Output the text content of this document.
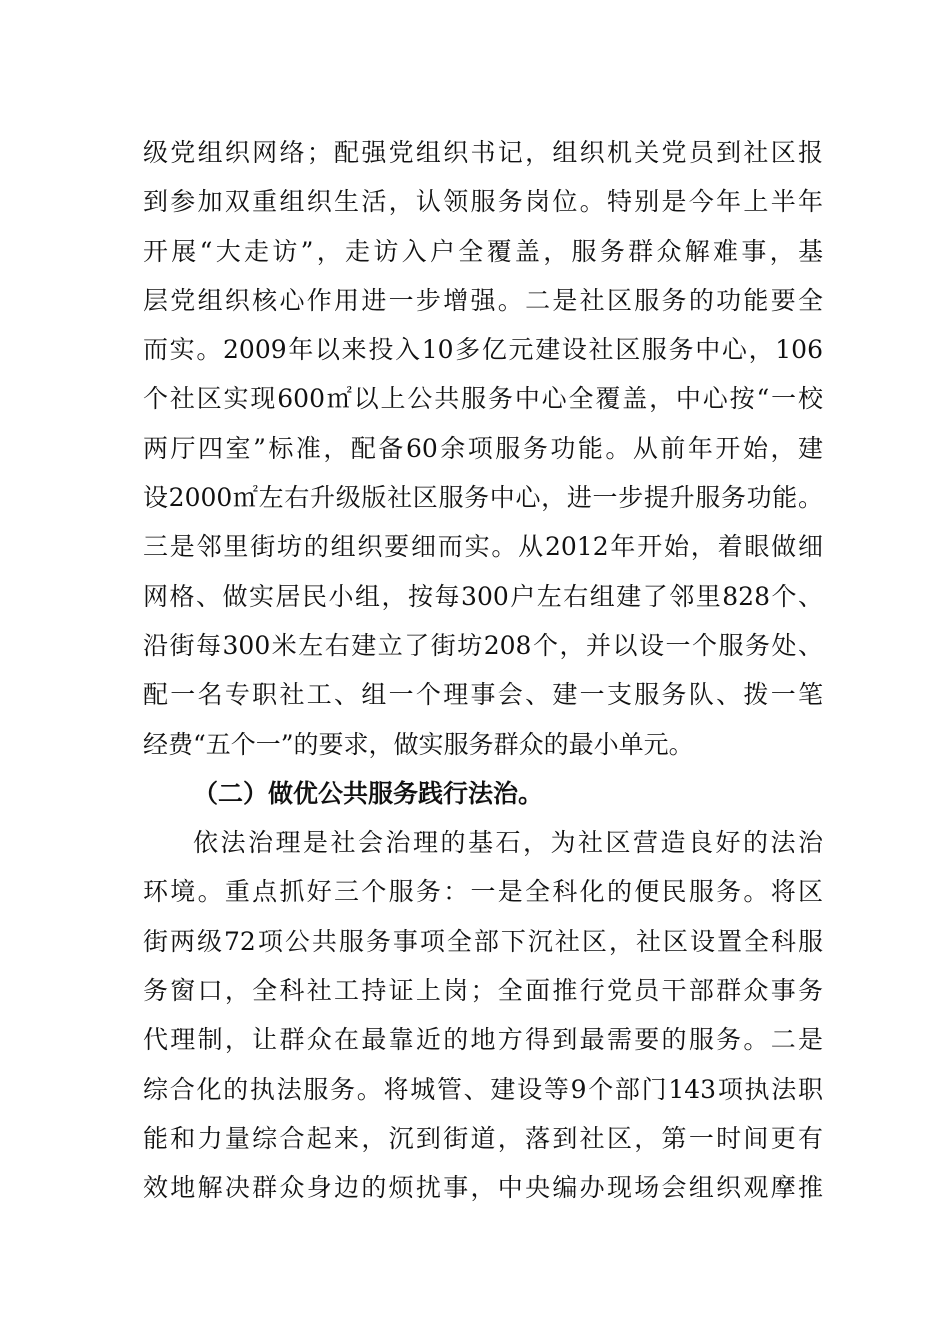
级党组织网络；配强党组织书记，组织机关党员到社区报
到参加双重组织生活，认领服务岗位。特别是今年上半年
开展“大走访”，走访入户全覆盖，服务群众解难事，基
层党组织核心作用进一步增强。二是社区服务的功能要全
而实。2009年以来投入10多亿元建设社区服务中心，106
个社区实现600㎡以上公共服务中心全覆盖，中心按“一校
两厅四室”标准，配备60余项服务功能。从前年开始，建
设2000㎡左右升级版社区服务中心，进一步提升服务功能。
三是邻里街坊的组织要细而实。从2012年开始，着眼做细
网格、做实居民小组，按每300户左右组建了邻里828个、
沿街每300米左右建立了街坊208个，并以设一个服务处、
配一名专职社工、组一个理事会、建一支服务队、拨一笔
经费“五个一”的要求，做实服务群众的最小单元。
（二）做优公共服务践行法治。
依法治理是社会治理的基石，为社区营造良好的法治
环境。重点抓好三个服务：一是全科化的便民服务。将区
街两级72项公共服务事项全部下沉社区，社区设置全科服
务窗口，全科社工持证上岗；全面推行党员干部群众事务
代理制，让群众在最靠近的地方得到最需要的服务。二是
综合化的执法服务。将城管、建设等9个部门143项执法职
能和力量综合起来，沉到街道，落到社区，第一时间更有
效地解决群众身边的烦扰事，中央编办现场会组织观摩推
